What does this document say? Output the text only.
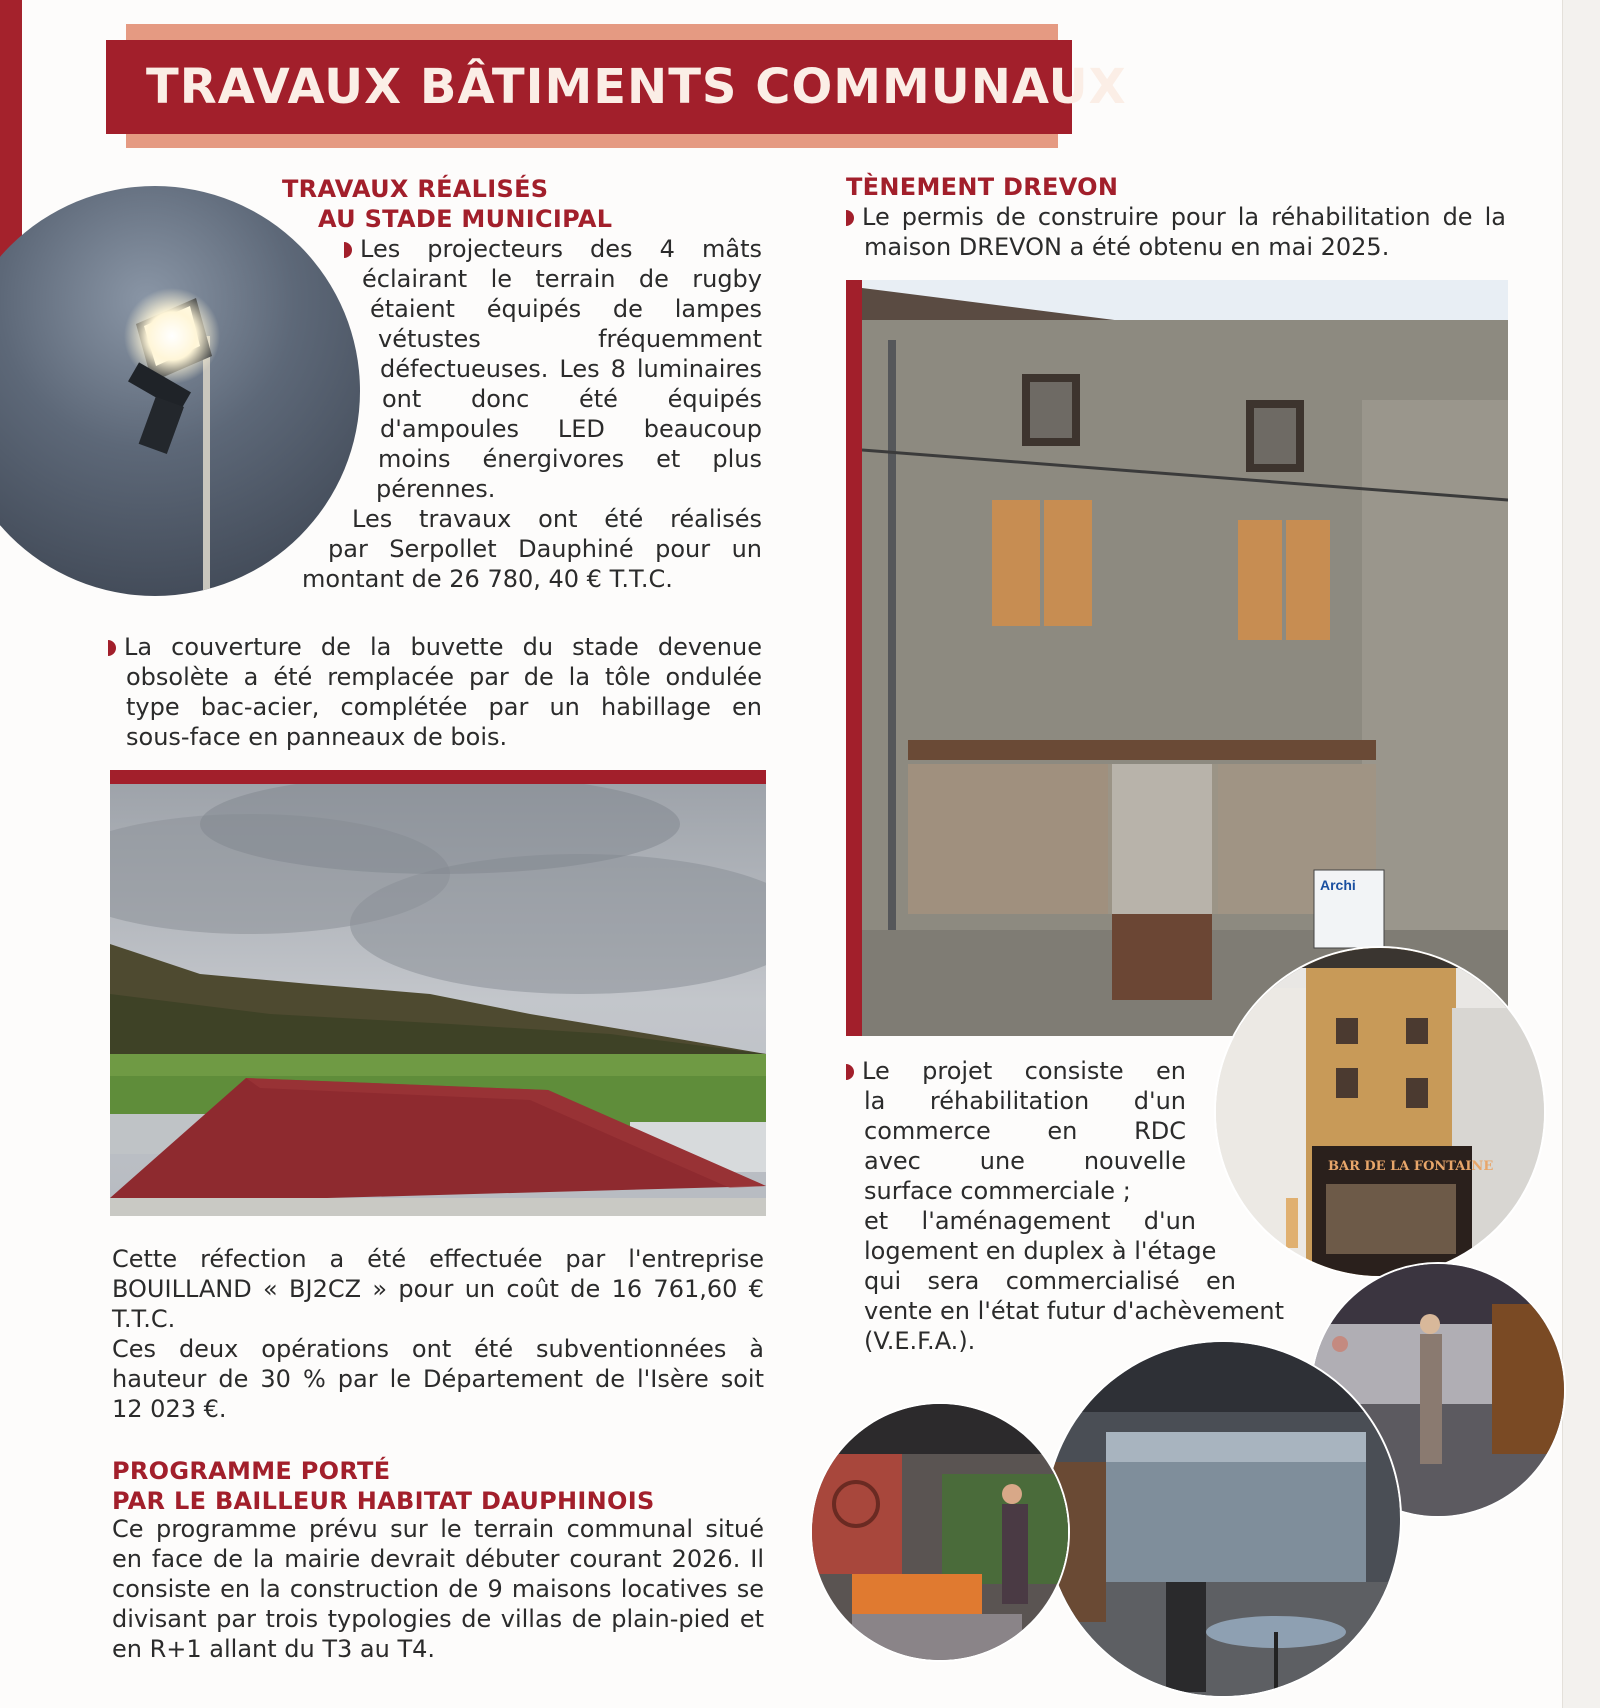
TRAVAUX BÂTIMENTS COMMUNAUX
TRAVAUX RÉALISÉS
AU STADE MUNICIPAL
Les projecteurs des 4 mâts
éclairant le terrain de rugby
étaient équipés de lampes
vétustes fréquemment
défectueuses. Les 8 luminaires
ont donc été équipés
d'ampoules LED beaucoup
moins énergivores et plus
pérennes.
Les travaux ont été réalisés
par Serpollet Dauphiné pour un
montant de 26 780, 40 € T.T.C.
La couverture de la buvette du stade devenue
obsolète a été remplacée par de la tôle ondulée
type bac-acier, complétée par un habillage en
sous-face en panneaux de bois.
Cette réfection a été effectuée par l'entreprise
BOUILLAND « BJ2CZ » pour un coût de 16 761,60 €
T.T.C.
Ces deux opérations ont été subventionnées à
hauteur de 30 % par le Département de l'Isère soit
12 023 €.
PROGRAMME PORTÉ
PAR LE BAILLEUR HABITAT DAUPHINOIS
Ce programme prévu sur le terrain communal situé
en face de la mairie devrait débuter courant 2026. Il
consiste en la construction de 9 maisons locatives se
divisant par trois typologies de villas de plain-pied et
en R+1 allant du T3 au T4.
TÈNEMENT DREVON
Le permis de construire pour la réhabilitation de la
maison DREVON a été obtenu en mai 2025.
Archi
BAR DE LA FONTAINE
Le projet consiste en
la réhabilitation d'un
commerce en RDC
avec une nouvelle
surface commerciale ;
et l'aménagement d'un
logement en duplex à l'étage
qui sera commercialisé en
vente en l'état futur d'achèvement
(V.E.F.A.).
